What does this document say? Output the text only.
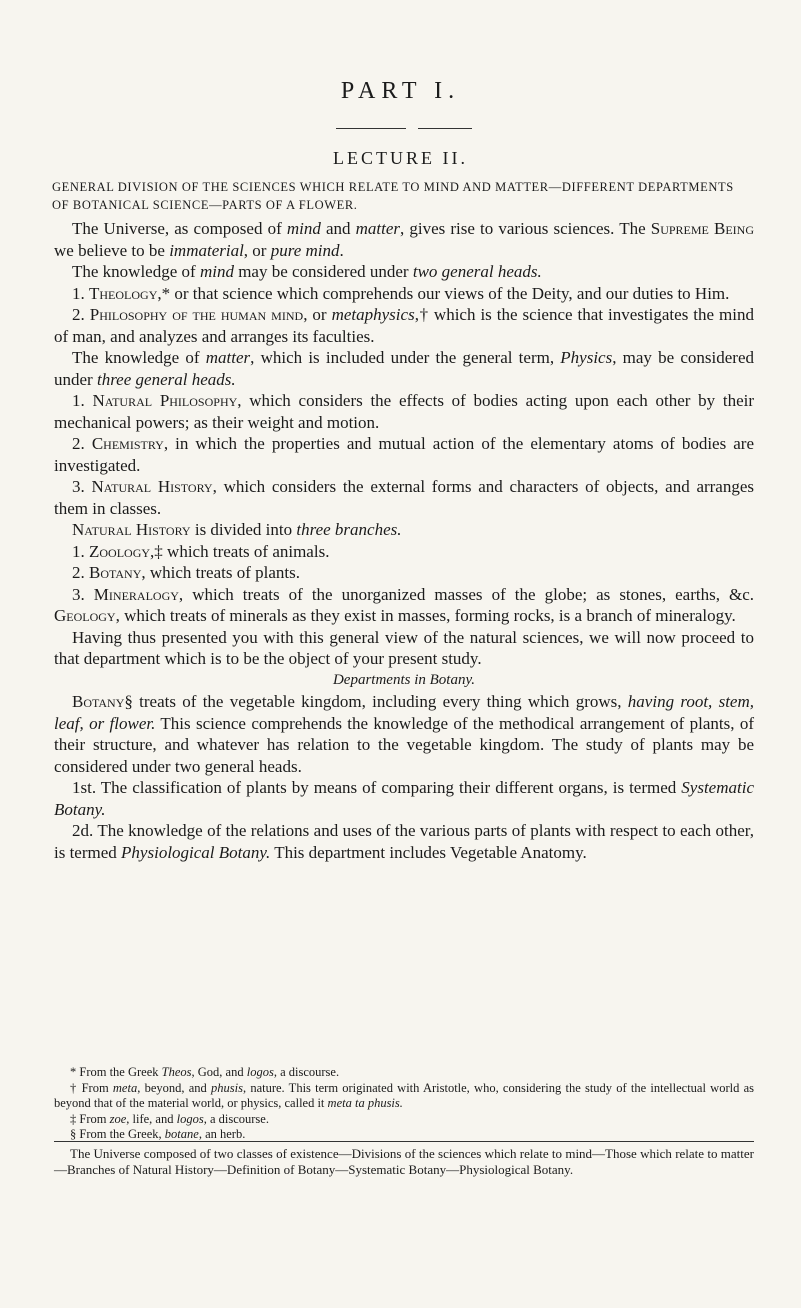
PART I.
LECTURE II.
GENERAL DIVISION OF THE SCIENCES WHICH RELATE TO MIND AND MATTER—DIFFERENT DEPARTMENTS OF BOTANICAL SCIENCE—PARTS OF A FLOWER.

The Universe, as composed of mind and matter, gives rise to various sciences. The Supreme Being we believe to be immaterial, or pure mind.

The knowledge of mind may be considered under two general heads.

1. Theology,* or that science which comprehends our views of the Deity, and our duties to Him.

2. Philosophy of the human mind, or metaphysics,† which is the science that investigates the mind of man, and analyzes and arranges its faculties.

The knowledge of matter, which is included under the general term, Physics, may be considered under three general heads.

1. Natural Philosophy, which considers the effects of bodies acting upon each other by their mechanical powers; as their weight and motion.

2. Chemistry, in which the properties and mutual action of the elementary atoms of bodies are investigated.

3. Natural History, which considers the external forms and characters of objects, and arranges them in classes.

Natural History is divided into three branches.

1. Zoology,‡ which treats of animals.

2. Botany, which treats of plants.

3. Mineralogy, which treats of the unorganized masses of the globe; as stones, earths, &c. Geology, which treats of minerals as they exist in masses, forming rocks, is a branch of mineralogy.

Having thus presented you with this general view of the natural sciences, we will now proceed to that department which is to be the object of your present study.

Departments in Botany.

Botany§ treats of the vegetable kingdom, including every thing which grows, having root, stem, leaf, or flower. This science comprehends the knowledge of the methodical arrangement of plants, of their structure, and whatever has relation to the vegetable kingdom. The study of plants may be considered under two general heads.

1st. The classification of plants by means of comparing their different organs, is termed Systematic Botany.

2d. The knowledge of the relations and uses of the various parts of plants with respect to each other, is termed Physiological Botany. This department includes Vegetable Anatomy.

* From the Greek Theos, God, and logos, a discourse.

† From meta, beyond, and phusis, nature. This term originated with Aristotle, who, considering the study of the intellectual world as beyond that of the material world, or physics, called it meta ta phusis.

‡ From zoe, life, and logos, a discourse.

§ From the Greek, botane, an herb.

The Universe composed of two classes of existence—Divisions of the sciences which relate to mind—Those which relate to matter—Branches of Natural History—Definition of Botany—Systematic Botany—Physiological Botany.
